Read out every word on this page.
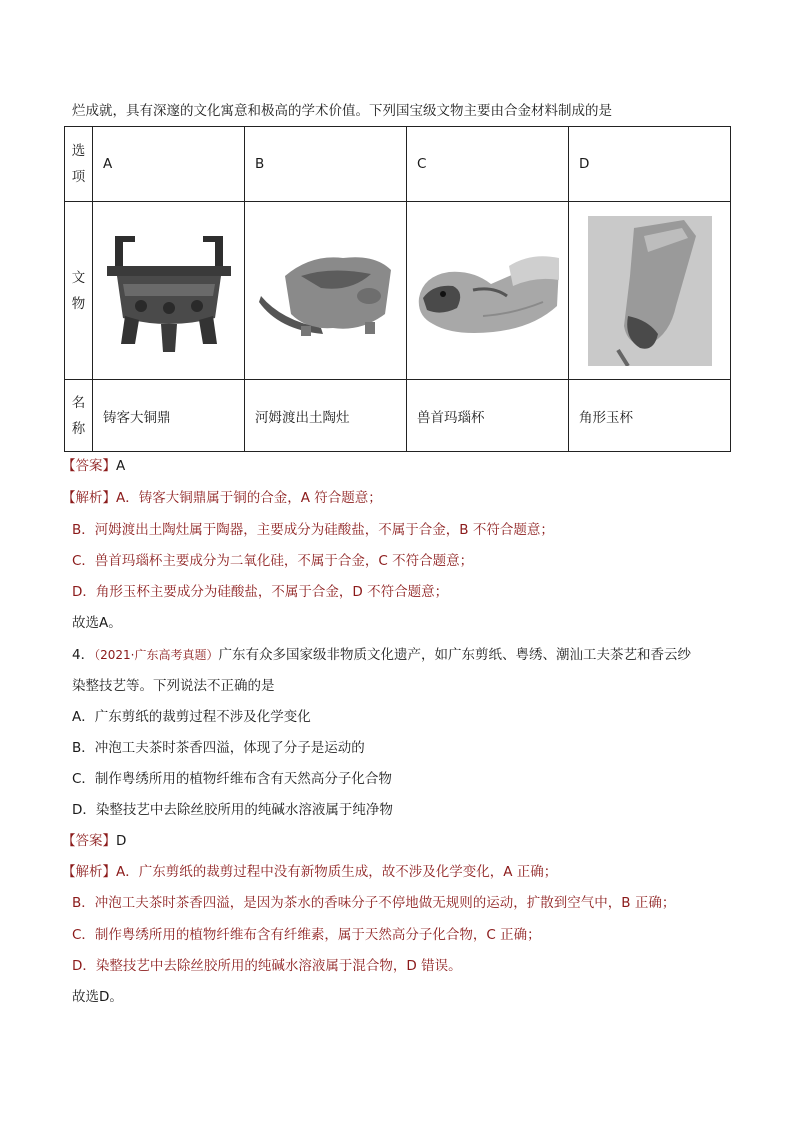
烂成就，具有深邃的文化寓意和极高的学术价值。下列国宝级文物主要由合金材料制成的是
选
项	A	B	C	D

文
物

名
称	铸客大铜鼎	河姆渡出土陶灶	兽首玛瑙杯	角形玉杯
【答案】A
【解析】A．铸客大铜鼎属于铜的合金，A 符合题意；
B．河姆渡出土陶灶属于陶器，主要成分为硅酸盐，不属于合金，B 不符合题意；
C．兽首玛瑙杯主要成分为二氧化硅，不属于合金，C 不符合题意；
D．角形玉杯主要成分为硅酸盐，不属于合金，D 不符合题意；
故选A。
4．（2021·广东高考真题）广东有众多国家级非物质文化遗产，如广东剪纸、粤绣、潮汕工夫茶艺和香云纱
染整技艺等。下列说法不正确的是
A．广东剪纸的裁剪过程不涉及化学变化
B．冲泡工夫茶时茶香四溢，体现了分子是运动的
C．制作粤绣所用的植物纤维布含有天然高分子化合物
D．染整技艺中去除丝胶所用的纯碱水溶液属于纯净物
【答案】D
【解析】A．广东剪纸的裁剪过程中没有新物质生成，故不涉及化学变化，A 正确；
B．冲泡工夫茶时茶香四溢，是因为茶水的香味分子不停地做无规则的运动，扩散到空气中，B 正确；
C．制作粤绣所用的植物纤维布含有纤维素，属于天然高分子化合物，C 正确；
D．染整技艺中去除丝胶所用的纯碱水溶液属于混合物，D 错误。
故选D。
